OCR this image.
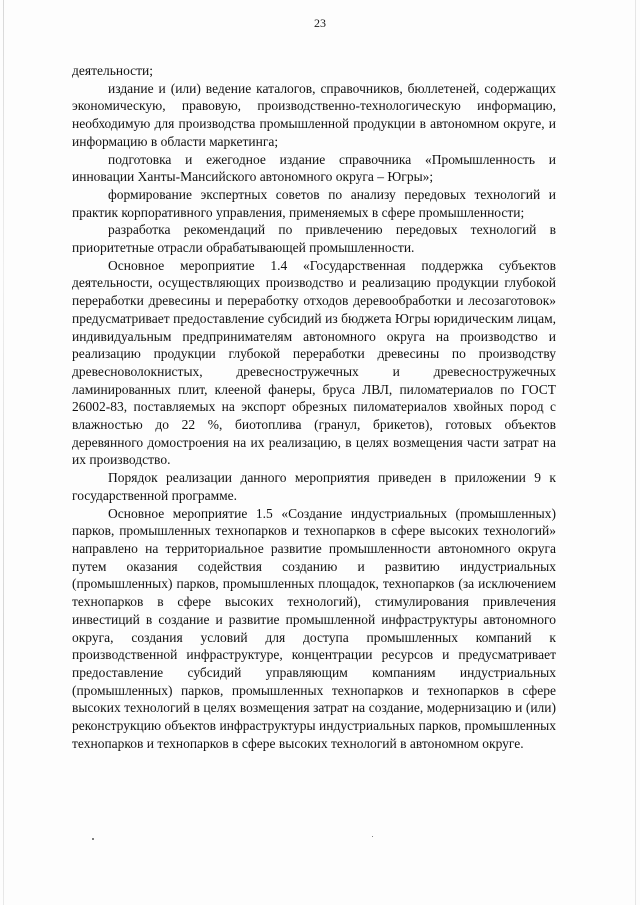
23

деятельности;

издание и (или) ведение каталогов, справочников, бюллетеней, содержащих экономическую, правовую, производственно-технологическую информацию, необходимую для производства промышленной продукции в автономном округе, и информацию в области маркетинга;

подготовка и ежегодное издание справочника «Промышленность и инновации Ханты-Мансийского автономного округа – Югры»;

формирование экспертных советов по анализу передовых технологий и практик корпоративного управления, применяемых в сфере промышленности;

разработка рекомендаций по привлечению передовых технологий в приоритетные отрасли обрабатывающей промышленности.

Основное мероприятие 1.4 «Государственная поддержка субъектов деятельности, осуществляющих производство и реализацию продукции глубокой переработки древесины и переработку отходов деревообработки и лесозаготовок» предусматривает предоставление субсидий из бюджета Югры юридическим лицам, индивидуальным предпринимателям автономного округа на производство и реализацию продукции глубокой переработки древесины по производству древесноволокнистых, древесностружечных и древесностружечных ламинированных плит, клееной фанеры, бруса ЛВЛ, пиломатериалов по ГОСТ 26002-83, поставляемых на экспорт обрезных пиломатериалов хвойных пород с влажностью до 22 %, биотоплива (гранул, брикетов), готовых объектов деревянного домостроения на их реализацию, в целях возмещения части затрат на их производство.

Порядок реализации данного мероприятия приведен в приложении 9 к государственной программе.

Основное мероприятие 1.5 «Создание индустриальных (промышленных) парков, промышленных технопарков и технопарков в сфере высоких технологий» направлено на территориальное развитие промышленности автономного округа путем оказания содействия созданию и развитию индустриальных (промышленных) парков, промышленных площадок, технопарков (за исключением технопарков в сфере высоких технологий), стимулирования привлечения инвестиций в создание и развитие промышленной инфраструктуры автономного округа, создания условий для доступа промышленных компаний к производственной инфраструктуре, концентрации ресурсов и предусматривает предоставление субсидий управляющим компаниям индустриальных (промышленных) парков, промышленных технопарков и технопарков в сфере высоких технологий в целях возмещения затрат на создание, модернизацию и (или) реконструкцию объектов инфраструктуры индустриальных парков, промышленных технопарков и технопарков в сфере высоких технологий в автономном округе.
